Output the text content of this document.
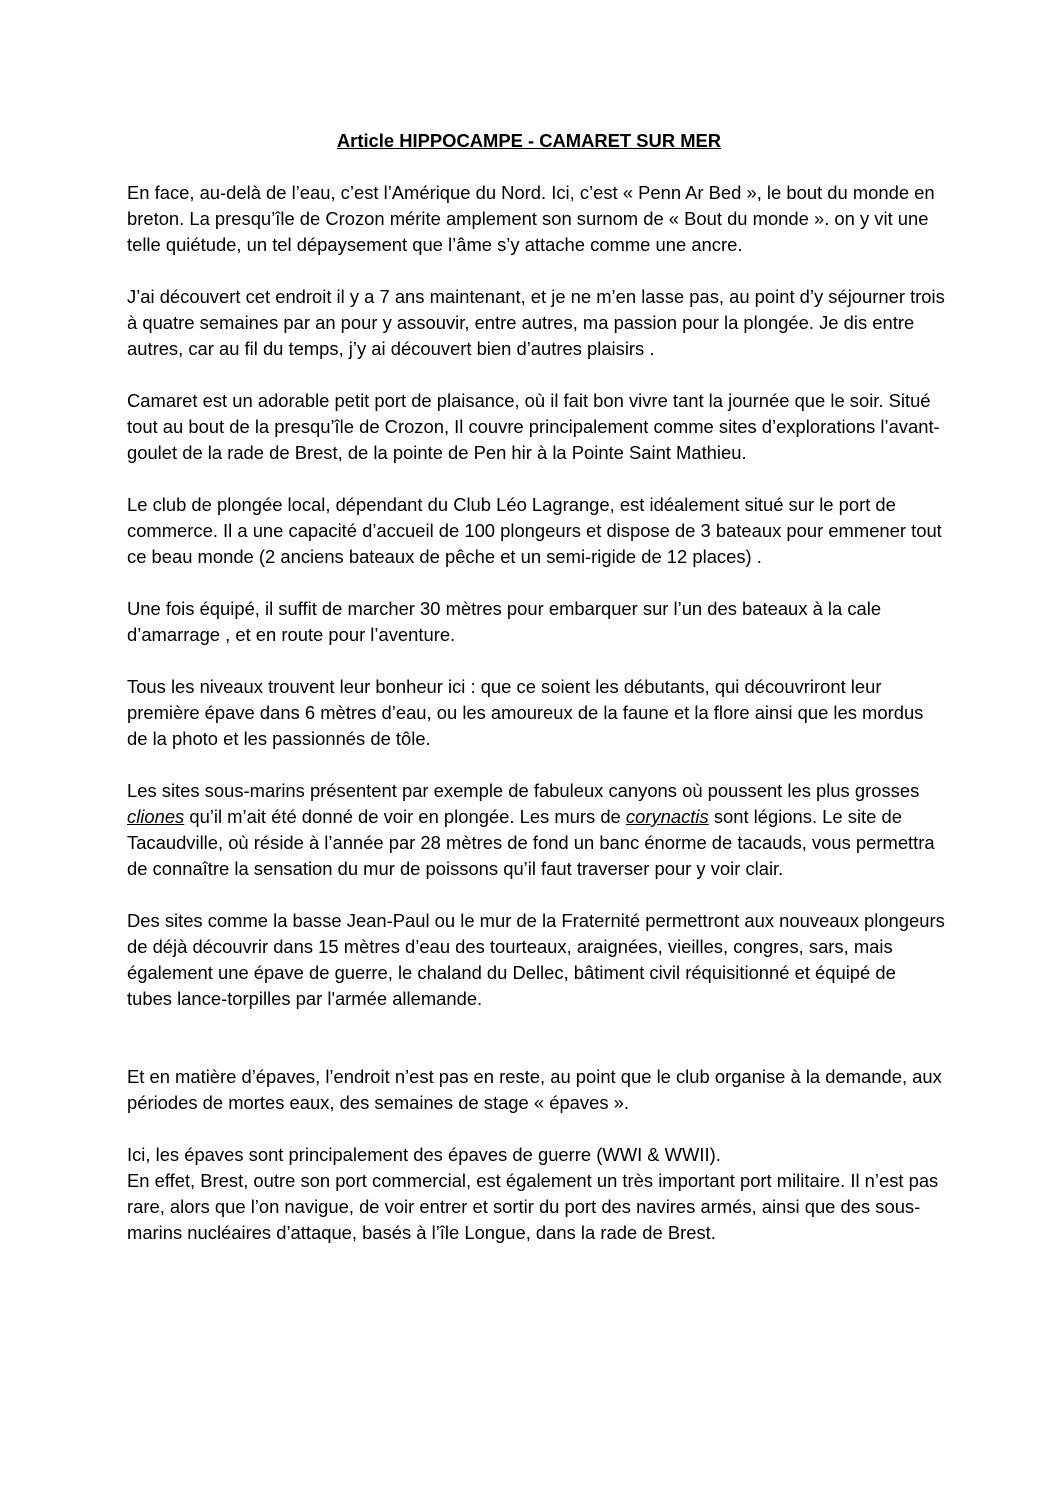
Article HIPPOCAMPE - CAMARET SUR MER

En face, au-delà de l’eau, c’est l’Amérique du Nord. Ici, c’est « Penn Ar Bed », le bout du monde en breton. La presqu’île de Crozon mérite amplement son surnom de « Bout du monde ». on y vit une telle quiétude, un tel dépaysement que l’âme s’y attache comme une ancre.

J’ai découvert cet endroit il y a 7 ans maintenant, et je ne m’en lasse pas, au point d’y séjourner trois à quatre semaines par an pour y assouvir, entre autres, ma passion pour la plongée. Je dis entre autres, car au fil du temps, j’y ai découvert bien d’autres plaisirs .

Camaret est un adorable petit port de plaisance, où il fait bon vivre tant la journée que le soir. Situé tout au bout de la presqu’île de Crozon, Il couvre principalement comme sites d’explorations l’avant-goulet de la rade de Brest, de la pointe de Pen hir à la Pointe Saint Mathieu.

Le club de plongée local, dépendant du Club Léo Lagrange, est idéalement situé sur le port de commerce. Il a une capacité d’accueil de 100 plongeurs et dispose de 3 bateaux pour emmener tout ce beau monde (2 anciens bateaux de pêche et un semi-rigide de 12 places) .

Une fois équipé, il suffit de marcher 30 mètres pour embarquer sur l’un des bateaux à la cale d’amarrage , et en route pour l’aventure.

Tous les niveaux trouvent leur bonheur ici : que ce soient les débutants, qui découvriront leur première épave dans 6 mètres d’eau, ou les amoureux de la faune et la flore ainsi que les mordus de la photo et les passionnés de tôle.

Les sites sous-marins présentent par exemple de fabuleux canyons où poussent les plus grosses cliones qu’il m’ait été donné de voir en plongée. Les murs de corynactis sont légions. Le site de Tacaudville, où réside à l’année par 28 mètres de fond un banc énorme de tacauds, vous permettra de connaître la sensation du mur de poissons qu’il faut traverser pour y voir clair.

Des sites comme la basse Jean-Paul ou le mur de la Fraternité permettront aux nouveaux plongeurs de déjà découvrir dans 15 mètres d’eau des tourteaux, araignées, vieilles, congres, sars, mais également une épave de guerre, le chaland du Dellec, bâtiment civil réquisitionné et équipé de tubes lance-torpilles par l'armée allemande.

Et en matière d’épaves, l’endroit n’est pas en reste, au point que le club organise à la demande, aux périodes de mortes eaux, des semaines de stage « épaves ».

Ici, les épaves sont principalement des épaves de guerre (WWI & WWII).

En effet, Brest, outre son port commercial, est également un très important port militaire. Il n’est pas rare, alors que l’on navigue, de voir entrer et sortir du port des navires armés, ainsi que des sous-marins nucléaires d’attaque, basés à l’île Longue, dans la rade de Brest.
